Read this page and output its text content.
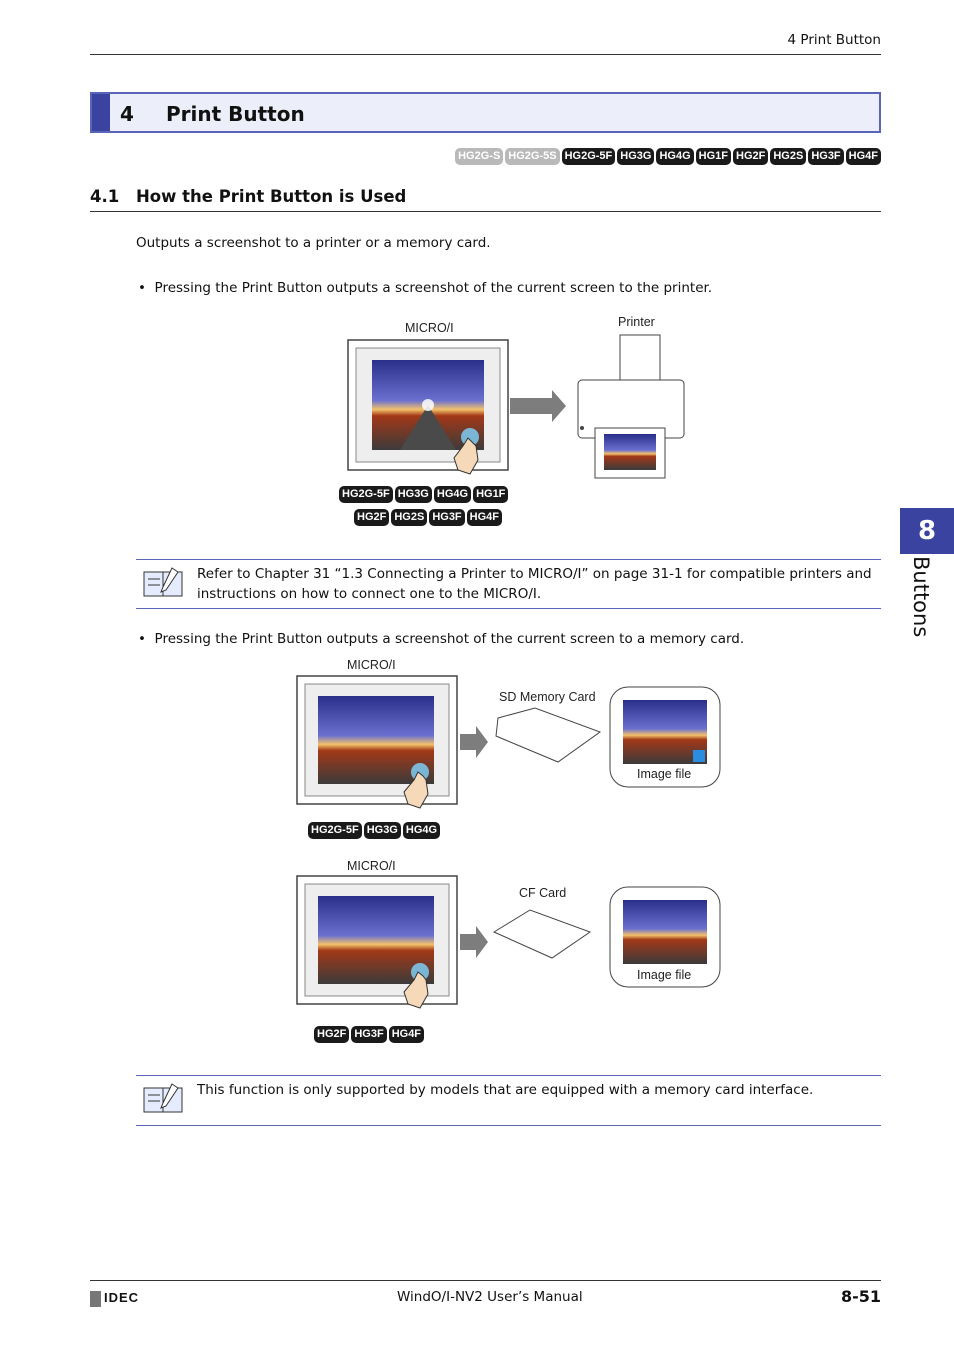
4 Print Button
4 Print Button
HG2G-S HG2G-5S HG2G-5F HG3G HG4G HG1F HG2F HG2S HG3F HG4F
4.1 How the Print Button is Used
Outputs a screenshot to a printer or a memory card.
•  Pressing the Print Button outputs a screenshot of the current screen to the printer.
MICRO/I	Printer
HG2G-5F HG3G HG4G HG1F
HG2F HG2S HG3F HG4F
Refer to Chapter 31 “1.3 Connecting a Printer to MICRO/I” on page 31-1 for compatible printers and instructions on how to connect one to the MICRO/I.
•  Pressing the Print Button outputs a screenshot of the current screen to a memory card.
MICRO/I
SD Memory Card
Image file
HG2G-5F HG3G HG4G
MICRO/I
CF Card
Image file
HG2F HG3F HG4F
This function is only supported by models that are equipped with a memory card interface.
8
Buttons
IDEC	WindO/I-NV2 User’s Manual	8-51
